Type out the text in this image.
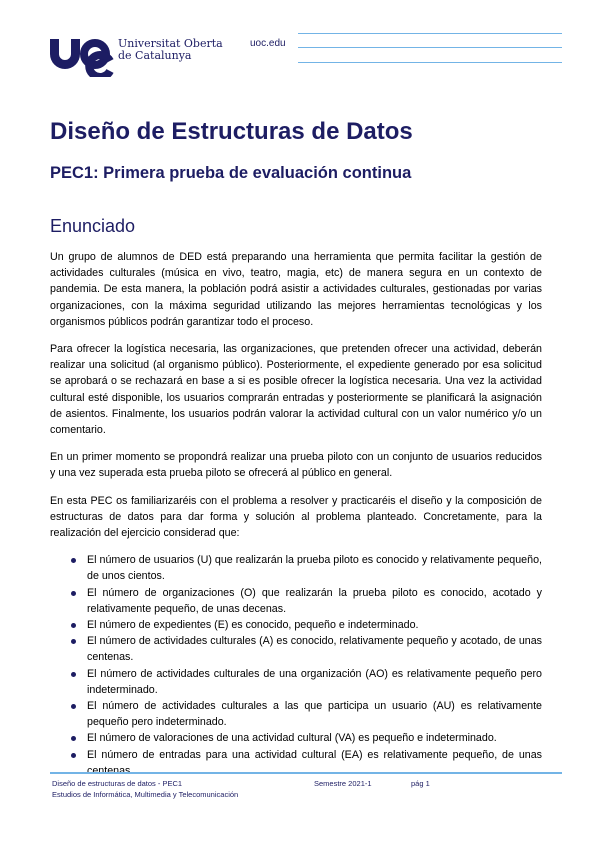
Universitat Oberta
de Catalunya
uoc.edu
Diseño de Estructuras de Datos
PEC1: Primera prueba de evaluación continua
Enunciado

Un grupo de alumnos de DED está preparando una herramienta que permita facilitar la gestión de actividades culturales (música en vivo, teatro, magia, etc) de manera segura en un contexto de pandemia. De esta manera, la población podrá asistir a actividades culturales, gestionadas por varias organizaciones, con la máxima seguridad utilizando las mejores herramientas tecnológicas y los organismos públicos podrán garantizar todo el proceso.

Para ofrecer la logística necesaria, las organizaciones, que pretenden ofrecer una actividad, deberán realizar una solicitud (al organismo público). Posteriormente, el expediente generado por esa solicitud se aprobará o se rechazará en base a si es posible ofrecer la logística necesaria. Una vez la actividad cultural esté disponible, los usuarios comprarán entradas y posteriormente se planificará la asignación de asientos. Finalmente, los usuarios podrán valorar la actividad cultural con un valor numérico y/o un comentario.

En un primer momento se propondrá realizar una prueba piloto con un conjunto de usuarios reducidos y una vez superada esta prueba piloto se ofrecerá al público en general.

En esta PEC os familiarizaréis con el problema a resolver y practicaréis el diseño y la composición de estructuras de datos para dar forma y solución al problema planteado. Concretamente, para la realización del ejercicio considerad que:

El número de usuarios (U) que realizarán la prueba piloto es conocido y relativamente pequeño, de unos cientos.
El número de organizaciones (O) que realizarán la prueba piloto es conocido, acotado y relativamente pequeño, de unas decenas.
El número de expedientes (E) es conocido, pequeño e indeterminado.
El número de actividades culturales (A) es conocido, relativamente pequeño y acotado, de unas centenas.
El número de actividades culturales de una organización (AO) es relativamente pequeño pero indeterminado.
El número de actividades culturales a las que participa un usuario (AU) es relativamente pequeño pero indeterminado.
El número de valoraciones de una actividad cultural (VA) es pequeño e indeterminado.
El número de entradas para una actividad cultural (EA) es relativamente pequeño, de unas centenas.
Diseño de estructuras de datos - PEC1
Estudios de Informática, Multimedia y Telecomunicación
Semestre 2021-1	pág 1
